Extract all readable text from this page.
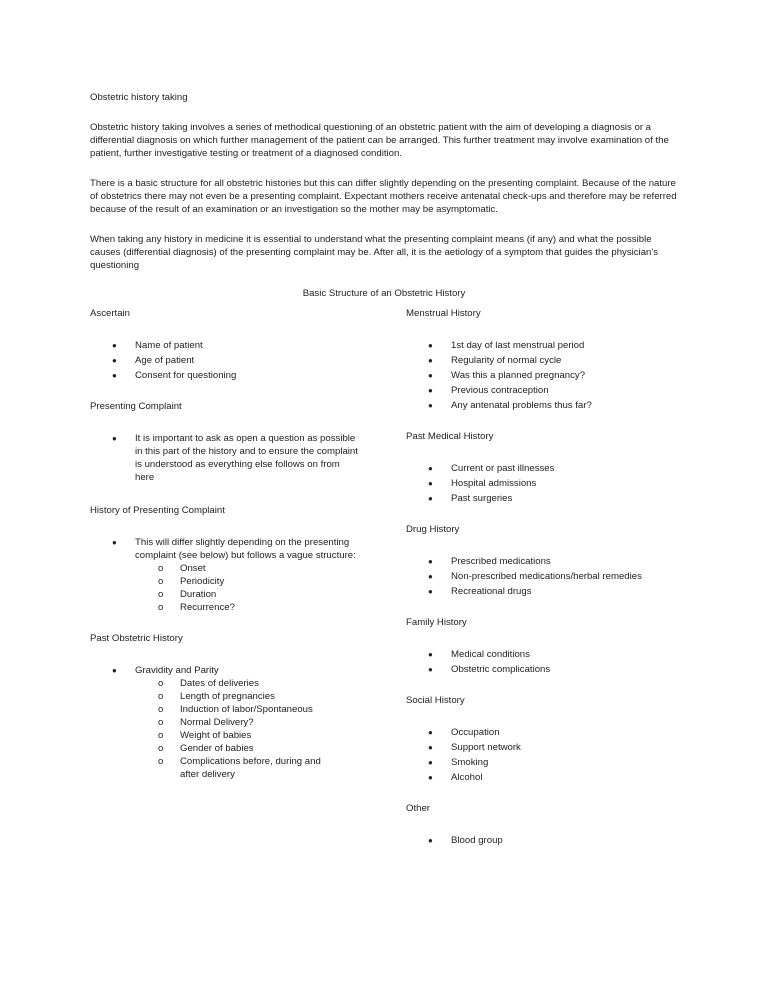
Obstetric history taking

Obstetric history taking involves a series of methodical questioning of an obstetric patient with the aim of developing a diagnosis or a differential diagnosis on which further management of the patient can be arranged. This further treatment may involve examination of the patient, further investigative testing or treatment of a diagnosed condition.

There is a basic structure for all obstetric histories but this can differ slightly depending on the presenting complaint. Because of the nature of obstetrics there may not even be a presenting complaint. Expectant mothers receive antenatal check-ups and therefore may be referred because of the result of an examination or an investigation so the mother may be asymptomatic.

When taking any history in medicine it is essential to understand what the presenting complaint means (if any) and what the possible causes (differential diagnosis) of the presenting complaint may be. After all, it is the aetiology of a symptom that guides the physician's questioning

Basic Structure of an Obstetric History

Ascertain

● Name of patient
● Age of patient
● Consent for questioning

Presenting Complaint

● It is important to ask as open a question as possible in this part of the history and to ensure the complaint is understood as everything else follows on from here

History of Presenting Complaint

● This will differ slightly depending on the presenting complaint (see below) but follows a vague structure:
o Onset
o Periodicity
o Duration
o Recurrence?

Past Obstetric History

● Gravidity and Parity
o Dates of deliveries
o Length of pregnancies
o Induction of labor/Spontaneous
o Normal Delivery?
o Weight of babies
o Gender of babies
o Complications before, during and after delivery

Menstrual History

● 1st day of last menstrual period
● Regularity of normal cycle
● Was this a planned pregnancy?
● Previous contraception
● Any antenatal problems thus far?

Past Medical History

● Current or past illnesses
● Hospital admissions
● Past surgeries

Drug History

● Prescribed medications
● Non-prescribed medications/herbal remedies
● Recreational drugs

Family History

● Medical conditions
● Obstetric complications

Social History

● Occupation
● Support network
● Smoking
● Alcohol

Other

● Blood group
